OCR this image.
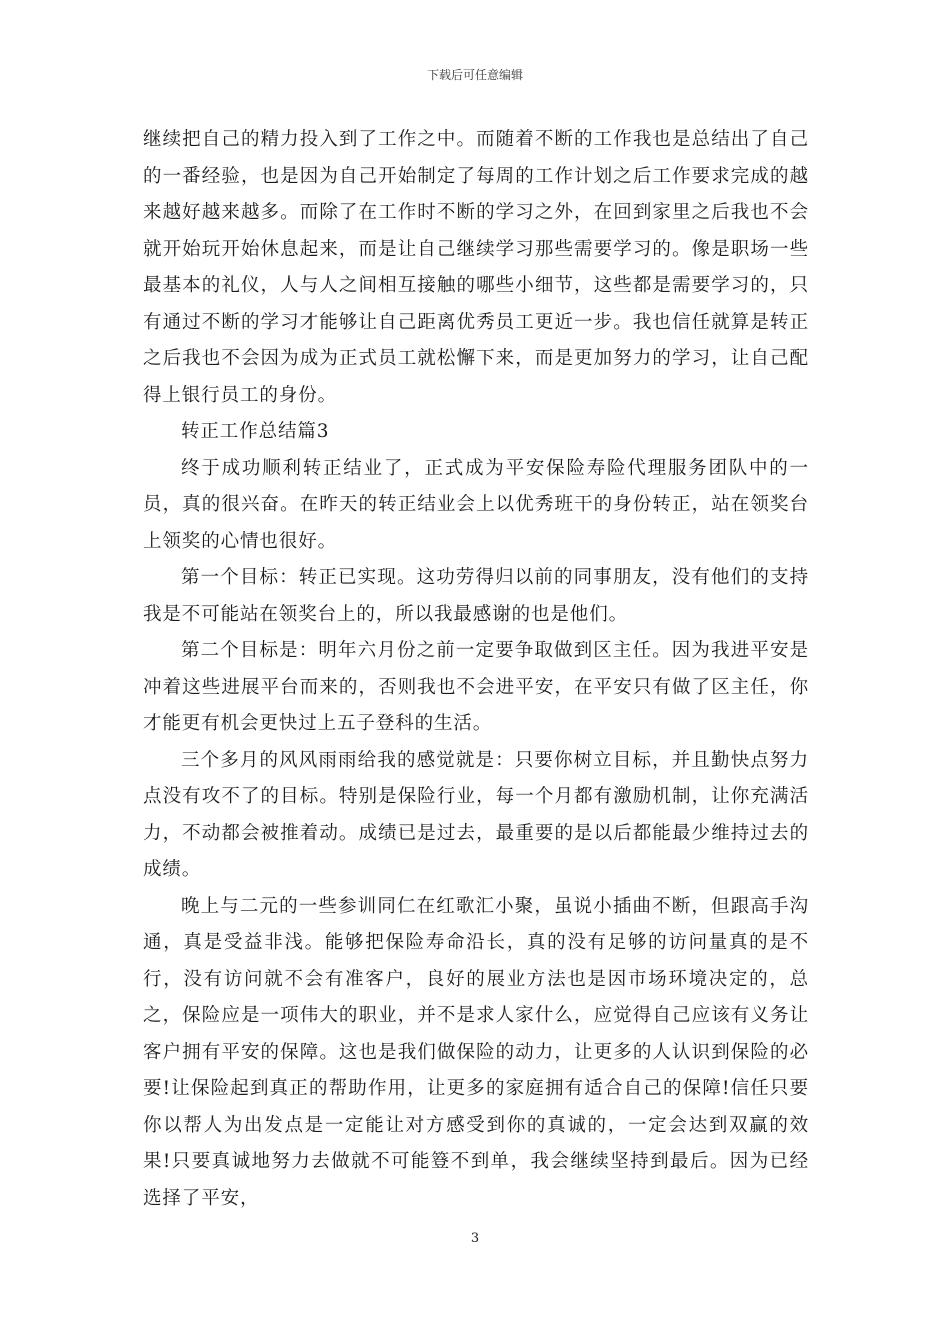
下载后可任意编辑

继续把自己的精力投入到了工作之中。而随着不断的工作我也是总结出了自己的一番经验，也是因为自己开始制定了每周的工作计划之后工作要求完成的越来越好越来越多。而除了在工作时不断的学习之外，在回到家里之后我也不会就开始玩开始休息起来，而是让自己继续学习那些需要学习的。像是职场一些最基本的礼仪，人与人之间相互接触的哪些小细节，这些都是需要学习的，只有通过不断的学习才能够让自己距离优秀员工更近一步。我也信任就算是转正之后我也不会因为成为正式员工就松懈下来，而是更加努力的学习，让自己配得上银行员工的身份。

转正工作总结篇3

终于成功顺利转正结业了，正式成为平安保险寿险代理服务团队中的一员，真的很兴奋。在昨天的转正结业会上以优秀班干的身份转正，站在领奖台上领奖的心情也很好。

第一个目标：转正已实现。这功劳得归以前的同事朋友，没有他们的支持我是不可能站在领奖台上的，所以我最感谢的也是他们。

第二个目标是：明年六月份之前一定要争取做到区主任。因为我进平安是冲着这些进展平台而来的，否则我也不会进平安，在平安只有做了区主任，你才能更有机会更快过上五子登科的生活。

三个多月的风风雨雨给我的感觉就是：只要你树立目标，并且勤快点努力点没有攻不了的目标。特别是保险行业，每一个月都有激励机制，让你充满活力，不动都会被推着动。成绩已是过去，最重要的是以后都能最少维持过去的成绩。

晚上与二元的一些参训同仁在红歌汇小聚，虽说小插曲不断，但跟高手沟通，真是受益非浅。能够把保险寿命沿长，真的没有足够的访问量真的是不行，没有访问就不会有准客户，良好的展业方法也是因市场环境决定的，总之，保险应是一项伟大的职业，并不是求人家什么，应觉得自己应该有义务让客户拥有平安的保障。这也是我们做保险的动力，让更多的人认识到保险的必要!让保险起到真正的帮助作用，让更多的家庭拥有适合自己的保障!信任只要你以帮人为出发点是一定能让对方感受到你的真诚的，一定会达到双赢的效果!只要真诚地努力去做就不可能簦不到单，我会继续坚持到最后。因为已经选择了平安，

3
